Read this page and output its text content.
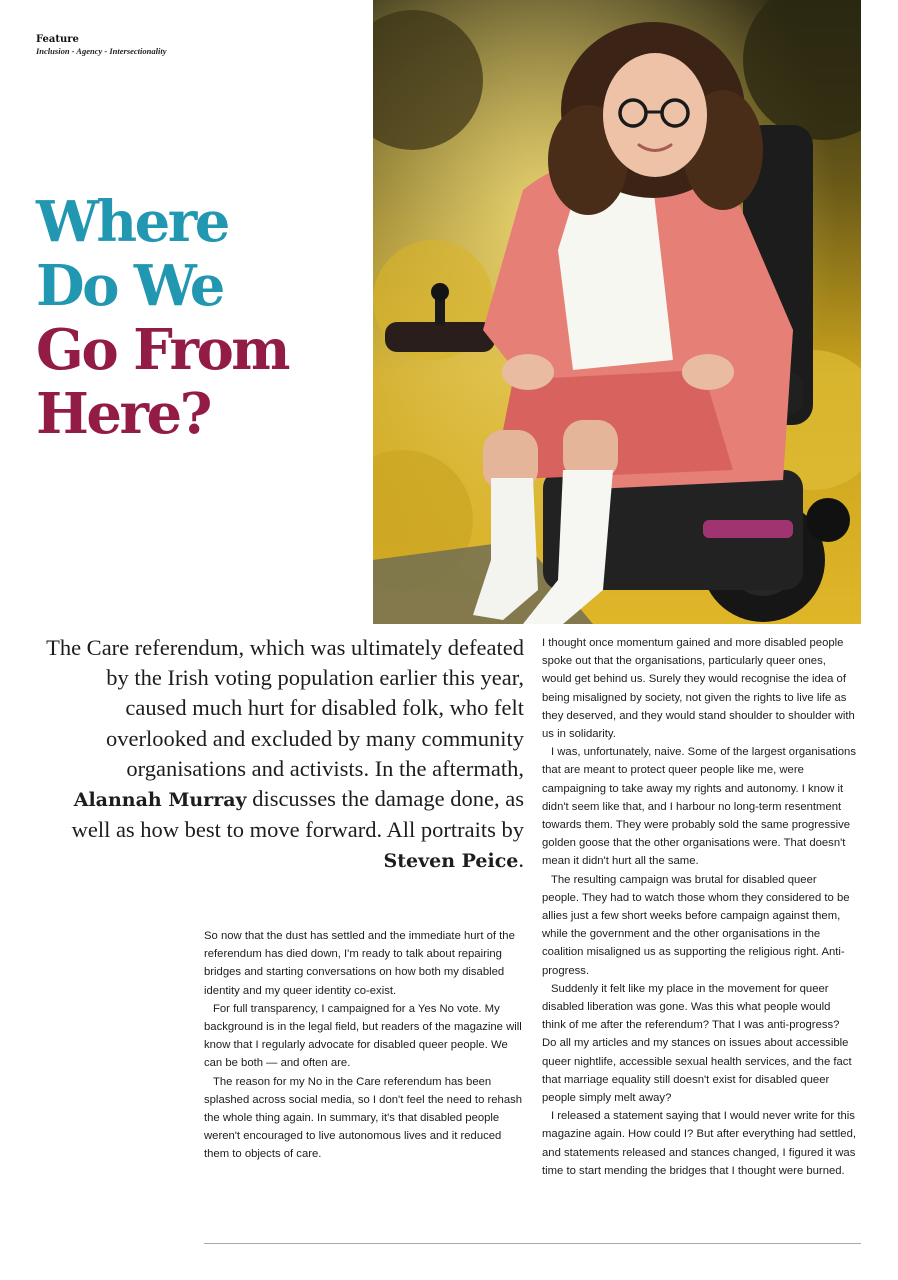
Feature
Inclusion - Agency - Intersectionality
Where
Do We
Go From
Here?

The Care referendum, which was ultimately defeated by the Irish voting population earlier this year, caused much hurt for disabled folk, who felt overlooked and excluded by many community organisations and activists. In the aftermath, Alannah Murray discusses the damage done, as well as how best to move forward. All portraits by Steven Peice.

So now that the dust has settled and the immediate hurt of the referendum has died down, I'm ready to talk about repairing bridges and starting conversations on how both my disabled identity and my queer identity co-exist.

For full transparency, I campaigned for a Yes No vote. My background is in the legal field, but readers of the magazine will know that I regularly advocate for disabled queer people. We can be both — and often are.

The reason for my No in the Care referendum has been splashed across social media, so I don't feel the need to rehash the whole thing again. In summary, it's that disabled people weren't encouraged to live autonomous lives and it reduced them to objects of care.

I thought once momentum gained and more disabled people spoke out that the organisations, particularly queer ones, would get behind us. Surely they would recognise the idea of being misaligned by society, not given the rights to live life as they deserved, and they would stand shoulder to shoulder with us in solidarity.

I was, unfortunately, naive. Some of the largest organisations that are meant to protect queer people like me, were campaigning to take away my rights and autonomy. I know it didn't seem like that, and I harbour no long-term resentment towards them. They were probably sold the same progressive golden goose that the other organisations were. That doesn't mean it didn't hurt all the same.

The resulting campaign was brutal for disabled queer people. They had to watch those whom they considered to be allies just a few short weeks before campaign against them, while the government and the other organisations in the coalition misaligned us as supporting the religious right. Anti-progress.

Suddenly it felt like my place in the movement for queer disabled liberation was gone. Was this what people would think of me after the referendum? That I was anti-progress? Do all my articles and my stances on issues about accessible queer nightlife, accessible sexual health services, and the fact that marriage equality still doesn't exist for disabled queer people simply melt away?

I released a statement saying that I would never write for this magazine again. How could I? But after everything had settled, and statements released and stances changed, I figured it was time to start mending the bridges that I thought were burned.
